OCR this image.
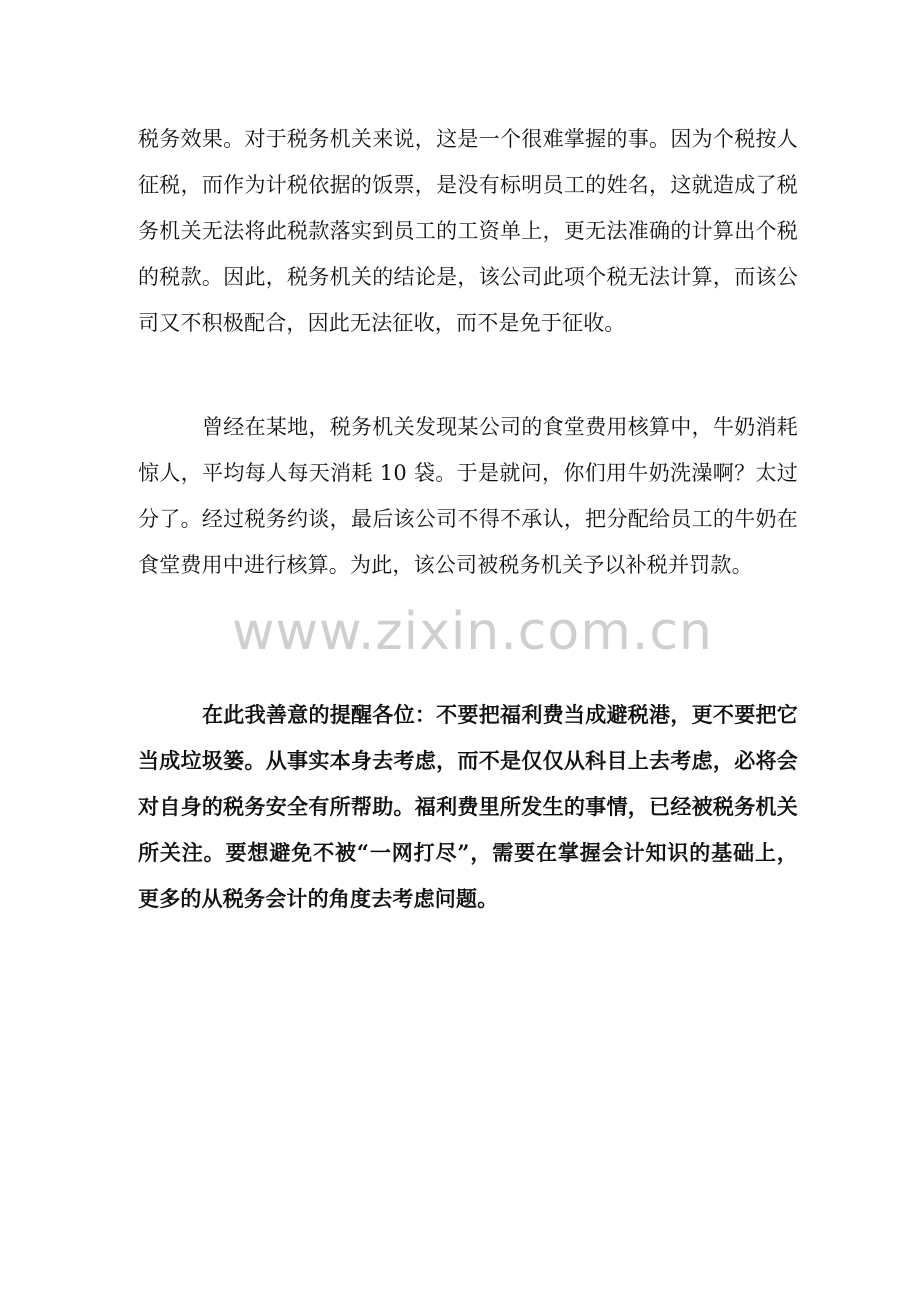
税务效果。对于税务机关来说，这是一个很难掌握的事。因为个税按人征税，而作为计税依据的饭票，是没有标明员工的姓名，这就造成了税务机关无法将此税款落实到员工的工资单上，更无法准确的计算出个税的税款。因此，税务机关的结论是，该公司此项个税无法计算，而该公司又不积极配合，因此无法征收，而不是免于征收。

曾经在某地，税务机关发现某公司的食堂费用核算中，牛奶消耗惊人，平均每人每天消耗 10 袋。于是就问，你们用牛奶洗澡啊？太过分了。经过税务约谈，最后该公司不得不承认，把分配给员工的牛奶在食堂费用中进行核算。为此，该公司被税务机关予以补税并罚款。

www.zixin.com.cn

在此我善意的提醒各位：不要把福利费当成避税港，更不要把它当成垃圾篓。从事实本身去考虑，而不是仅仅从科目上去考虑，必将会对自身的税务安全有所帮助。福利费里所发生的事情，已经被税务机关所关注。要想避免不被“一网打尽”，需要在掌握会计知识的基础上，更多的从税务会计的角度去考虑问题。
